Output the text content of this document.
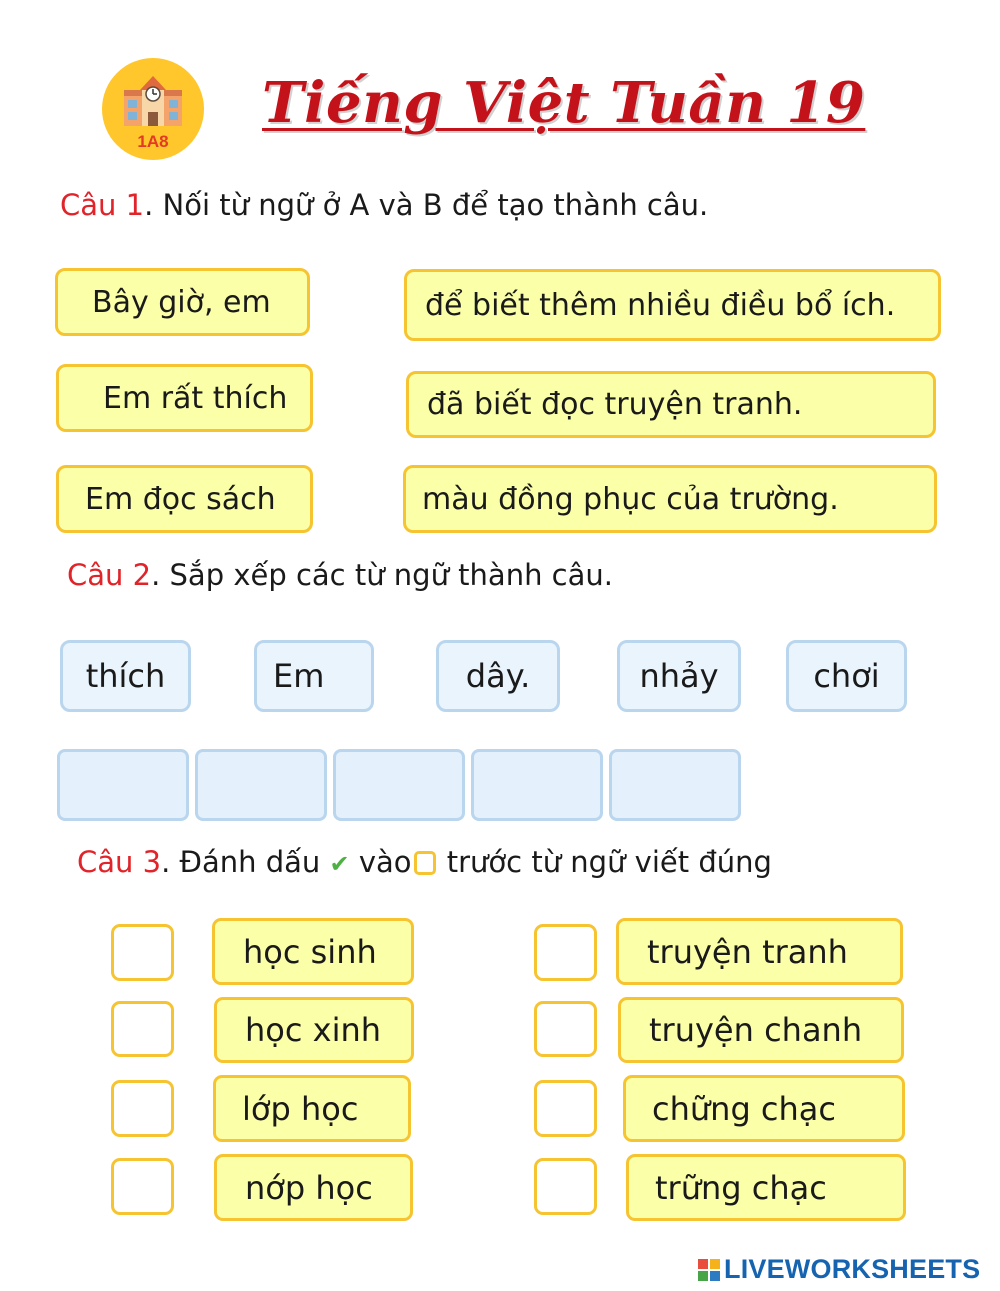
1A8
Tiếng Việt Tuần 19
Câu 1. Nối từ ngữ ở A và B để tạo thành câu.
Bây giờ, em
Em rất thích
Em đọc sách
để biết thêm nhiều điều bổ ích.
đã biết đọc truyện tranh.
màu đồng phục của trường.
Câu 2. Sắp xếp các từ ngữ thành câu.
thích	Em	dây.	nhảy	chơi
Câu 3. Đánh dấu ✔ vào trước từ ngữ viết đúng
học sinh
học xinh
lớp học
nớp học
truyện tranh
truyện chanh
chững chạc
trững chạc
LIVEWORKSHEETS
